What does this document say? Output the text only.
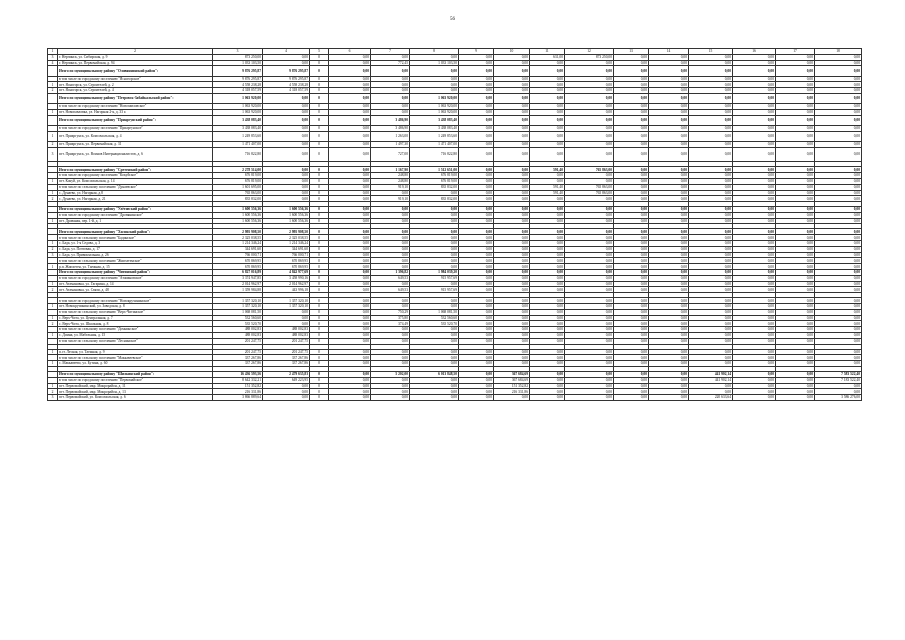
56
1	2	3	4	5	6	7	8	9	10	11	12	13	14	15	16	17	18
3	г. Нерчинск, ул. Сибирская, д. 9	873 250,00	0,00	0	0,00	0,00	0,00	0,00	0,00	631,00	873 250,00	0,00	0,00	0,00	0,00	0,00	0,00
4	г. Нерчинск, ул. Первомайская, д. 94	1 033 103,50	0,00	0	0,00	772,45	1 033 103,50	0,00	0,00	0,00	0,00	0,00	0,00	0,00	0,00	0,00	0,00
	Итого по муниципальному району "Оловяннинский район":	9 876 295,87	9 876 295,87	0	0,00	0,00	0,00	0,00	0,00	0,00	0,00	0,00	0,00	0,00	0,00	0,00	0,00
	в том числе по городскому поселению "Ясногорское"	9 876 295,87	9 876 295,87	0	0,00	0,00	0,00	0,00	0,00	0,00	0,00	0,00	0,00	0,00	0,00	0,00	0,00
1	пгт. Ясногорск, ул. Строителей, д. 2	4 558 238,28	4 558 238,28	0	0,00	0,00	0,00	0,00	0,00	0,00	0,00	0,00	0,00	0,00	0,00	0,00	0,00
2	пгт. Ясногорск, ул. Строителей, д. 4	4 318 057,59	4 318 057,59	0	0,00	0,00	0,00	0,00	0,00	0,00	0,00	0,00	0,00	0,00	0,00	0,00	0,00
	Итого по муниципальному району "Петровск-Забайкальский район":	1 063 920,00	0,00	0	0,00	0,00	1 063 920,00	0,00	0,00	0,00	0,00	0,00	0,00	0,00	0,00	0,00	0,00
	в том числе по городскому поселению "Новопавловское"	1 063 920,00	0,00	0	0,00	0,00	1 063 920,00	0,00	0,00	0,00	0,00	0,00	0,00	0,00	0,00	0,00	0,00
1	пгт. Новопавловка, ул. Нагорная 2-я, д. 33 а	1 063 920,00	0,00	0	0,00	0,00	1 063 920,00	0,00	0,00	0,00	0,00	0,00	0,00	0,00	0,00	0,00	0,00
	Итого по муниципальному району "Приаргунский район":	3 438 083,40	0,00	0	0,00	3 486,90	3 438 083,40	0,00	0,00	0,00	0,00	0,00	0,00	0,00	0,00	0,00	0,00
	в том числе по городскому поселению "Приаргунское"	3 438 083,40	0,00	0	0,00	3 486,90	3 438 083,40	0,00	0,00	0,00	0,00	0,00	0,00	0,00	0,00	0,00	0,00
1	пгт. Приаргунск, ул. Комсомольская, д. 4	1 249 853,60	0,00	0	0,00	1 263,00	1 249 853,60	0,00	0,00	0,00	0,00	0,00	0,00	0,00	0,00	0,00	0,00
2	пгт. Приаргунск, ул. Первомайская, д. 31	1 471 407,00	0,00	0	0,00	1 497,30	1 471 407,00	0,00	0,00	0,00	0,00	0,00	0,00	0,00	0,00	0,00	0,00
3	пгт. Приаргунск, ул. Воинов Интернационалистов, д. 6	716 822,80	0,00	0	0,00	727,00	716 822,80	0,00	0,00	0,00	0,00	0,00	0,00	0,00	0,00	0,00	0,00

	Итого по муниципальному району "Сретенский район":	2 278 514,00	0,00	0	0,00	1 167,90	1 512 651,00	0,00	0,00	591,40	765 863,00	0,00	0,00	0,00	0,00	0,00	0,00
	в том числе по городскому поселению "Кокуйское"	676 819,00	0,00	0	0,00	248,80	676 819,00	0,00	0,00	0,00	0,00	0,00	0,00	0,00	0,00	0,00	0,00
1	пгт. Кокуй, ул. Комсомольская, д. 14	676 819,00	0,00	0	0,00	248,80	676 819,00	0,00	0,00	0,00	0,00	0,00	0,00	0,00	0,00	0,00	0,00
	в том числе по сельскому поселению "Дунаевское"	1 601 695,00	0,00	0	0,00	919,10	835 832,00	0,00	0,00	591,40	765 863,00	0,00	0,00	0,00	0,00	0,00	0,00
1	с. Дунаево, ул. Нагорная, д.8	765 863,00	0,00	0	0,00	0,00	0,00	0,00	0,00	591,40	765 863,00	0,00	0,00	0,00	0,00	0,00	0,00
2	с. Дунаево, ул. Нагорная, д. 21	835 832,00	0,00	0	0,00	919,10	835 832,00	0,00	0,00	0,00	0,00	0,00	0,00	0,00	0,00	0,00	0,00

	Итого по муниципальному району "Улётовский район":	1 600 556,36	1 600 556,36	0	0,00	0,00	0,00	0,00	0,00	0,00	0,00	0,00	0,00	0,00	0,00	0,00	0,00
	в том числе по городскому поселению "Дровянинское"	1 600 556,36	1 600 556,36	0	0,00	0,00	0,00	0,00	0,00	0,00	0,00	0,00	0,00	0,00	0,00	0,00	0,00
1	пгт. Дровяная, пер. 1-й, д. 1	1 600 556,36	1 600 556,36	0	0,00	0,00	0,00	0,00	0,00	0,00	0,00	0,00	0,00	0,00	0,00	0,00	0,00

	Итого по муниципальному району "Хилокский район":	2 995 908,50	2 995 908,50	0	0,00	0,00	0,00	0,00	0,00	0,00	0,00	0,00	0,00	0,00	0,00	0,00	0,00
	в том числе по сельскому поселению "Бадинское"	2 325 038,55	2 325 038,55	0	0,00	0,00	0,00	0,00	0,00	0,00	0,00	0,00	0,00	0,00	0,00	0,00	0,00
1	с. Бада, ул. 1-я Седова, д. 3	1 214 346,24	1 214 346,24	0	0,00	0,00	0,00	0,00	0,00	0,00	0,00	0,00	0,00	0,00	0,00	0,00	0,00
2	с. Бада, ул. Почтовая, д. 17	344 691,60	344 691,60	0	0,00	0,00	0,00	0,00	0,00	0,00	0,00	0,00	0,00	0,00	0,00	0,00	0,00
3	с. Бада, ул. Привокзальная, д. 26	766 000,71	766 000,71	0	0,00	0,00	0,00	0,00	0,00	0,00	0,00	0,00	0,00	0,00	0,00	0,00	0,00
	в том числе по сельскому поселению "Жипхегенское"	670 869,95	670 869,95	0	0,00	0,00	0,00	0,00	0,00	0,00	0,00	0,00	0,00	0,00	0,00	0,00	0,00
1	р.п. Жипхеген, ул. Таежная, д. 15	670 869,95	670 869,95	0	0,00	0,00	0,00	0,00	0,00	0,00	0,00	0,00	0,00	0,00	0,00	0,00	0,00
	Итого по муниципальному району "Читинский район":	6 827 016,89	4 842 977,69	0	0,00	1 396,82	1 984 039,20	0,00	0,00	0,00	0,00	0,00	0,00	0,00	0,00	0,00	0,00
	в том числе по городскому поселению "Атамановское"	3 374 947,85	3 458 990,16	0	0,00	649,53	915 957,69	0,00	0,00	0,00	0,00	0,00	0,00	0,00	0,00	0,00	0,00
1	пгт. Атамановка, ул. Гагарина, д. 14	2 014 962,97	2 014 962,97	0	0,00	0,00	0,00	0,00	0,00	0,00	0,00	0,00	0,00	0,00	0,00	0,00	0,00
2	пгт. Атамановка, ул. Связи, д. 48	1 359 984,88	443 996,18	0	0,00	649,53	915 957,69	0,00	0,00	0,00	0,00	0,00	0,00	0,00	0,00	0,00	0,00

	в том числе по городскому поселению "Новокручининское"	1 357 320,10	1 357 320,10	0	0,00	0,00	0,00	0,00	0,00	0,00	0,00	0,00	0,00	0,00	0,00	0,00	0,00
1	пгт. Новокручининский, ул. Заводская, д. 8	1 357 320,10	1 357 320,10	0	0,00	0,00	0,00	0,00	0,00	0,00	0,00	0,00	0,00	0,00	0,00	0,00	0,00
	в том числе по сельскому поселению "Верх-Читинское"	1 068 081,50	0,00	0	0,00	750,29	1 068 081,50	0,00	0,00	0,00	0,00	0,00	0,00	0,00	0,00	0,00	0,00
1	с. Верх-Чита, ул. Центральная, д. 7	532 560,60	0,00	0	0,00	375,80	532 560,60	0,00	0,00	0,00	0,00	0,00	0,00	0,00	0,00	0,00	0,00
2	с. Верх-Чита, ул. Школьная, д. 8	535 520,70	0,00	0	0,00	374,49	535 520,70	0,00	0,00	0,00	0,00	0,00	0,00	0,00	0,00	0,00	0,00
	в том числе по сельскому поселению "Домнинское"	488 002,83	488 002,83	0	0,00	0,00	0,00	0,00	0,00	0,00	0,00	0,00	0,00	0,00	0,00	0,00	0,00
1	с. Домна, ул. Мабельная, д. 15	488 002,83	488 002,83	0	0,00	0,00	0,00	0,00	0,00	0,00	0,00	0,00	0,00	0,00	0,00	0,00	0,00
	в том числе по сельскому поселению "Леснинское"	201 247,75	201 247,75	0	0,00	0,00	0,00	0,00	0,00	0,00	0,00	0,00	0,00	0,00	0,00	0,00	0,00

1	п.ст. Лесная, ул. Таежная, д. 9	201 247,75	201 247,75	0	0,00	0,00	0,00	0,00	0,00	0,00	0,00	0,00	0,00	0,00	0,00	0,00	0,00
	в том числе по сельскому поселению "Маккавеевское"	337 267,86	337 267,86	0	0,00	0,00	0,00	0,00	0,00	0,00	0,00	0,00	0,00	0,00	0,00	0,00	0,00
1	с. Маккавеево, ул. Бутина, д. 60	337 267,86	337 267,86	0	0,00	0,00	0,00	0,00	0,00	0,00	0,00	0,00	0,00	0,00	0,00	0,00	0,00

	Итого по муниципальному району "Шилкинский район":	16 436 593,56	2 479 635,83	0	0,00	5 202,00	6 013 848,50	0,00	367 684,69	0,00	0,00	0,00	0,00	441 902,14	0,00	0,00	7 583 522,40
	в том числе по городскому поселению "Первомайское"	8 642 332,21	649 223,95	0	0,00	0,00	0,00	0,00	367 684,69	0,00	0,00	0,00	0,00	441 902,14	0,00	0,00	7 183 522,40
1	пгт. Первомайский, мкр. Микрорайон, д. 11	151 352,82	0,00	0	0,00	0,00	0,00	0,00	151 352,82	0,00	0,00	0,00	0,00	0,00	0,00	0,00	0,00
2	пгт. Первомайский, мкр. Микрорайон, д. 13	216 331,86	0,00	0	0,00	0,00	0,00	0,00	216 331,86	0,00	0,00	0,00	0,00	0,00	0,00	0,00	0,00
3	пгт. Первомайский, ул. Комсомольская, д. 6	3 866 889,64	0,00	0	0,00	0,00	0,00	0,00	0,00	0,00	0,00	0,00	0,00	220 633,64	0,00	0,00	3 586 276,00
